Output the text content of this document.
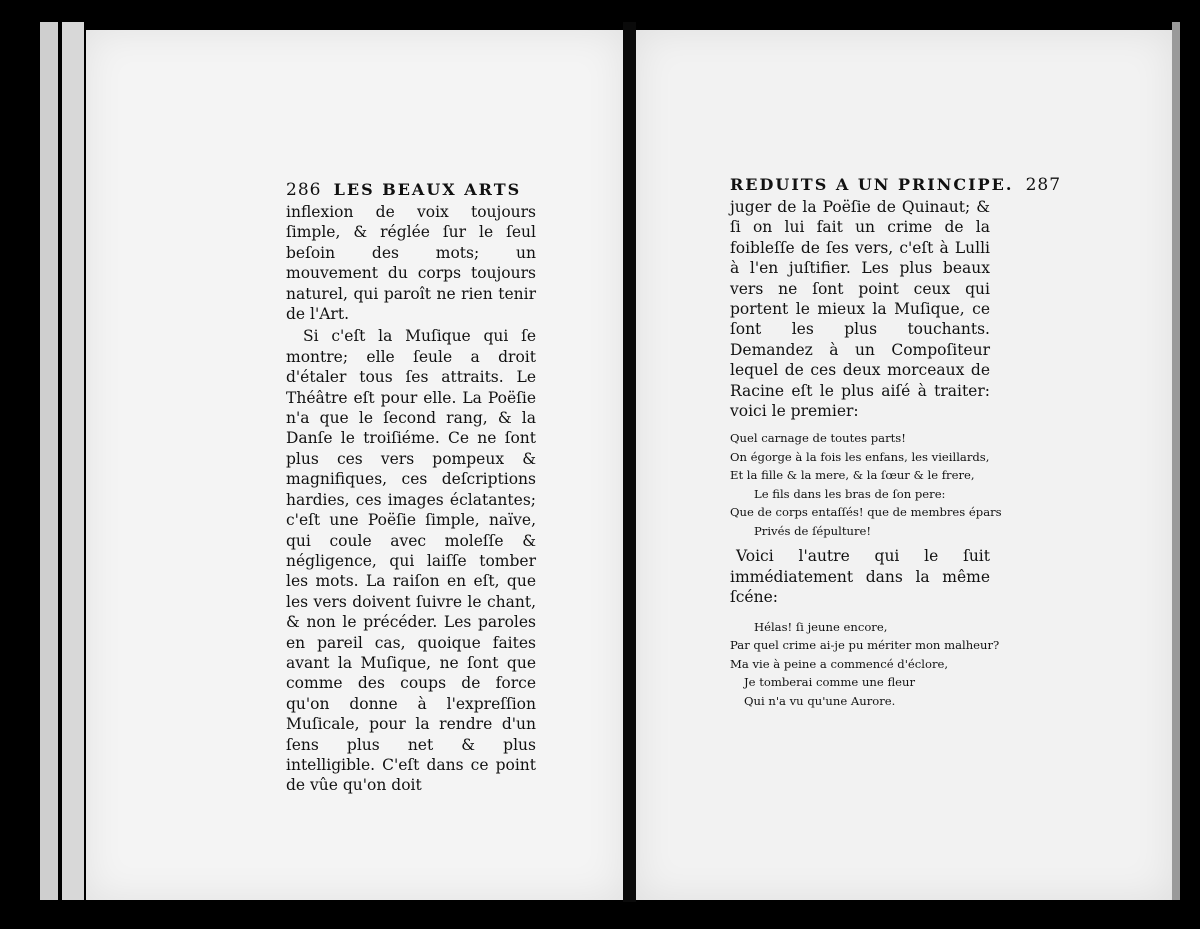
286 LES BEAUX ARTS

inflexion de voix toujours ſimple, & réglée ſur le ſeul beſoin des mots; un mouvement du corps toujours naturel, qui paroît ne rien tenir de l'Art.

Si c'eſt la Muſique qui ſe montre; elle ſeule a droit d'étaler tous ſes attraits. Le Théâtre eſt pour elle. La Poëſie n'a que le ſecond rang, & la Danſe le troiſiéme. Ce ne ſont plus ces vers pompeux & magnifiques, ces deſcriptions hardies, ces images éclatantes; c'eſt une Poëſie ſimple, naïve, qui coule avec moleſſe & négligence, qui laiſſe tomber les mots. La raiſon en eſt, que les vers doivent ſuivre le chant, & non le précéder. Les paroles en pareil cas, quoique faites avant la Muſique, ne ſont que comme des coups de force qu'on donne à l'expreſſion Muſicale, pour la rendre d'un ſens plus net & plus intelligible. C'eſt dans ce point de vûe qu'on doit

REDUITS A UN PRINCIPE. 287

juger de la Poëſie de Quinaut; & ſi on lui fait un crime de la foibleſſe de ſes vers, c'eſt à Lulli à l'en juſtifier. Les plus beaux vers ne ſont point ceux qui portent le mieux la Muſique, ce ſont les plus touchants. Demandez à un Compoſiteur lequel de ces deux morceaux de Racine eſt le plus aiſé à traiter: voici le premier:

Quel carnage de toutes parts!
On égorge à la fois les enfans, les vieillards,
Et la fille & la mere, & la ſœur & le frere,
Le fils dans les bras de ſon pere:
Que de corps entaſſés! que de membres épars
Privés de ſépulture!

Voici l'autre qui le ſuit immédiatement dans la même ſcéne:

Hélas! ſi jeune encore,
Par quel crime ai-je pu mériter mon malheur?
Ma vie à peine a commencé d'éclore,
Je tomberai comme une fleur
Qui n'a vu qu'une Aurore.
